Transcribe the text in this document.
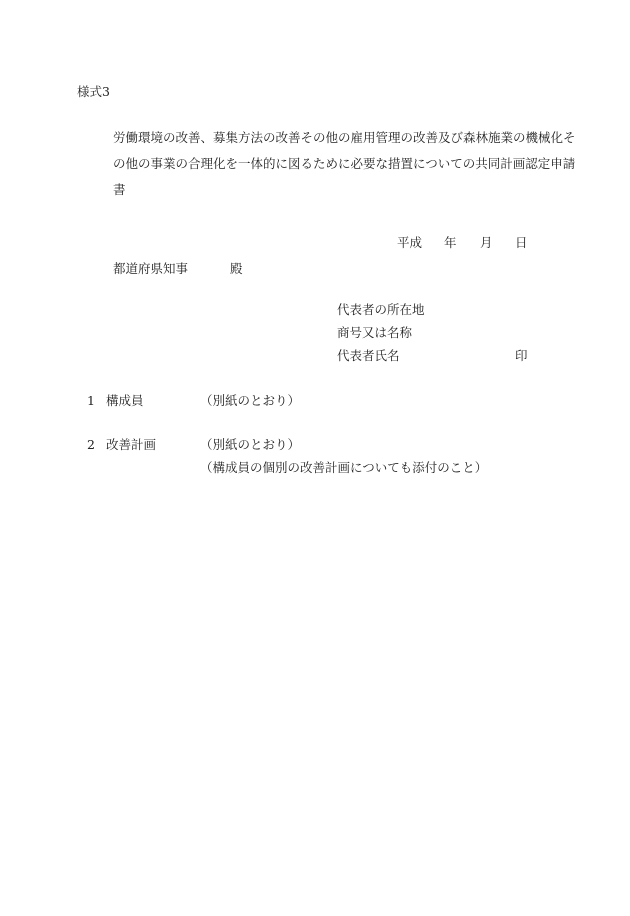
様式3
労働環境の改善、募集方法の改善その他の雇用管理の改善及び森林施業の機械化そ
の他の事業の合理化を一体的に図るために必要な措置についての共同計画認定申請
書
平成 年 月 日
都道府県知事	殿
代表者の所在地
商号又は名称
代表者氏名	印
1 構成員	（別紙のとおり）
2 改善計画	（別紙のとおり）
（構成員の個別の改善計画についても添付のこと）
